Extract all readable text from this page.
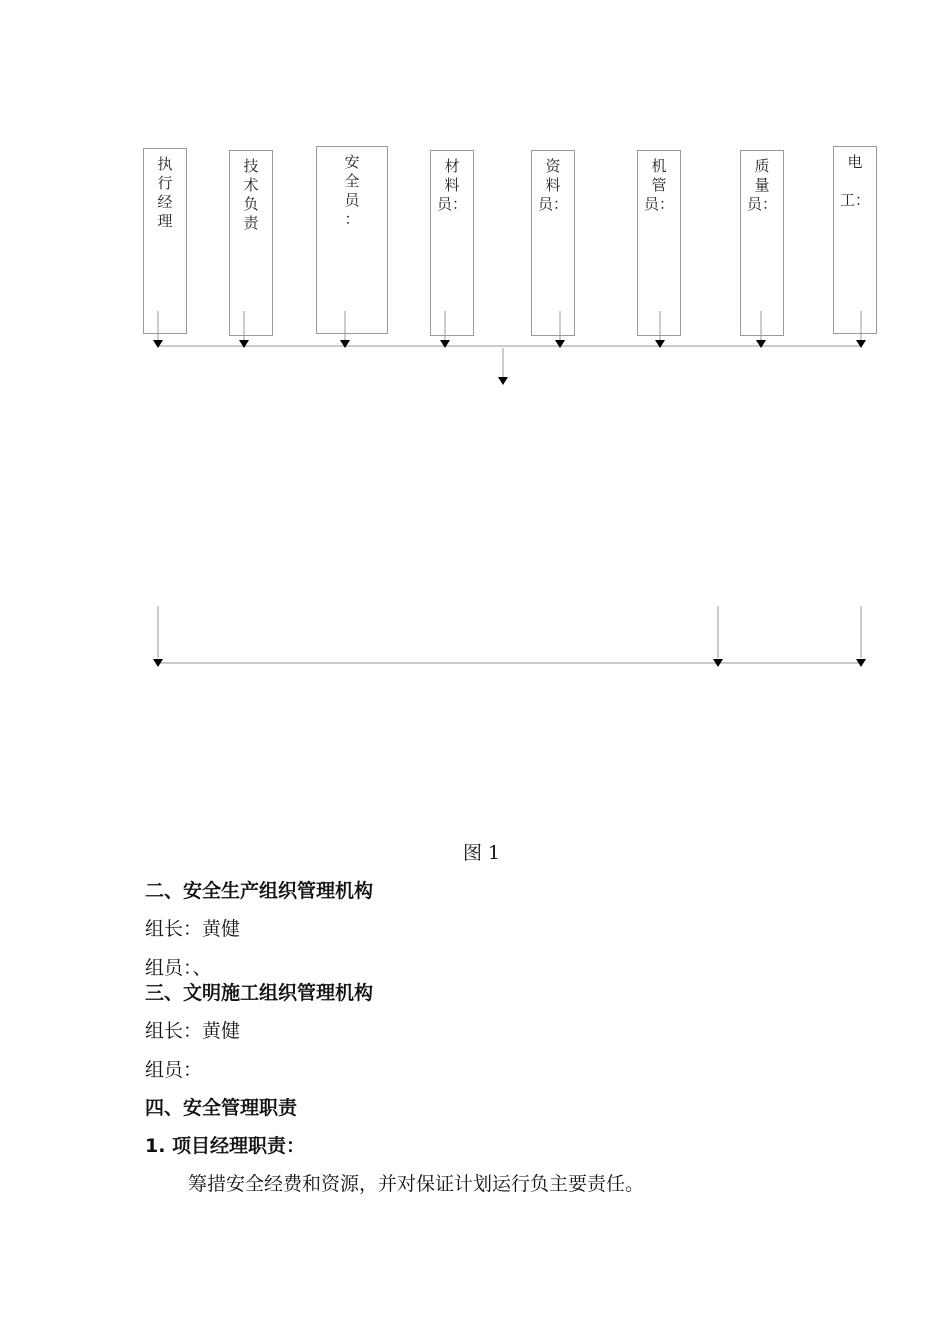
执
行
经
理
技
术
负
责
安
全
员
：
材
料
员：
资
料
员：
机
管
员：
质
量
员：
电

工：
图 1
二、安全生产组织管理机构
组长：黄健
组员：、
三、文明施工组织管理机构
组长：黄健
组员：
四、安全管理职责
1. 项目经理职责：
筹措安全经费和资源，并对保证计划运行负主要责任。
